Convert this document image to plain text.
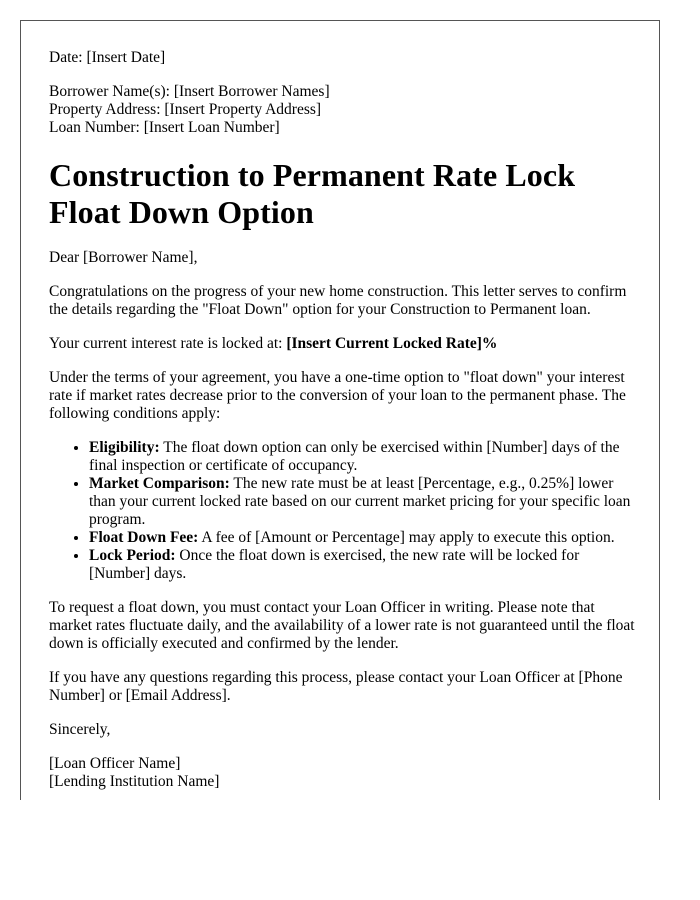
Date: [Insert Date]

Borrower Name(s): [Insert Borrower Names]

Property Address: [Insert Property Address]

Loan Number: [Insert Loan Number]

Construction to Permanent Rate Lock Float Down Option

Dear [Borrower Name],

Congratulations on the progress of your new home construction. This letter serves to confirm the details regarding the "Float Down" option for your Construction to Permanent loan.

Your current interest rate is locked at: [Insert Current Locked Rate]%

Under the terms of your agreement, you have a one-time option to "float down" your interest rate if market rates decrease prior to the conversion of your loan to the permanent phase. The following conditions apply:

• Eligibility: The float down option can only be exercised within [Number] days of the final inspection or certificate of occupancy.
• Market Comparison: The new rate must be at least [Percentage, e.g., 0.25%] lower than your current locked rate based on our current market pricing for your specific loan program.
• Float Down Fee: A fee of [Amount or Percentage] may apply to execute this option.
• Lock Period: Once the float down is exercised, the new rate will be locked for [Number] days.

To request a float down, you must contact your Loan Officer in writing. Please note that market rates fluctuate daily, and the availability of a lower rate is not guaranteed until the float down is officially executed and confirmed by the lender.

If you have any questions regarding this process, please contact your Loan Officer at [Phone Number] or [Email Address].

Sincerely,

[Loan Officer Name]

[Lending Institution Name]
